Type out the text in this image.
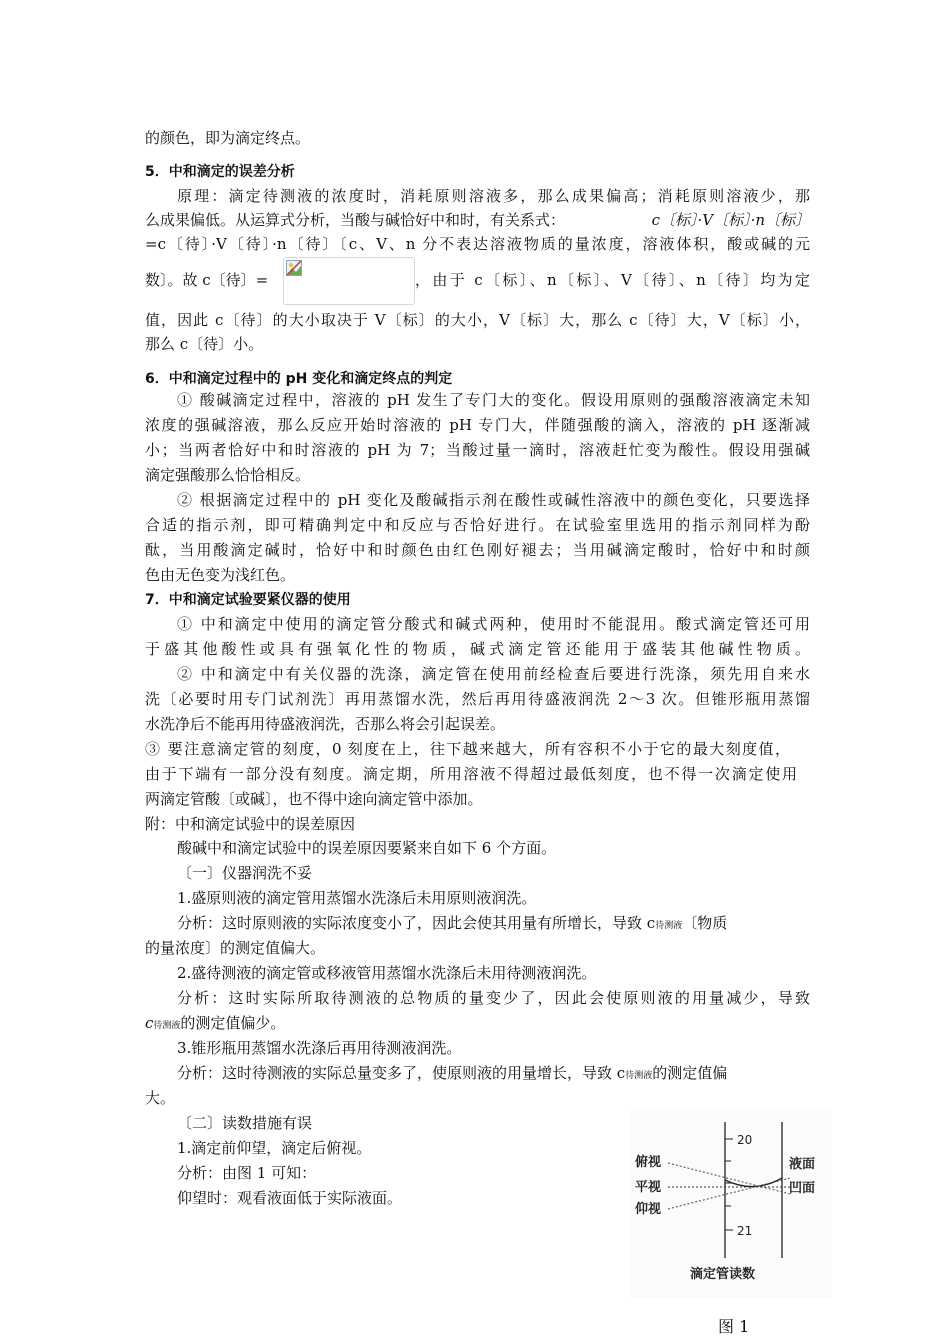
的颜色，即为滴定终点。
5．中和滴定的误差分析
原理：滴定待测液的浓度时，消耗原则溶液多，那么成果偏高；消耗原则溶液少，那
么成果偏低。从运算式分析，当酸与碱恰好中和时，有关系式：	c〔标〕·V〔标〕·n〔标〕
=c〔待〕·V〔待〕·n〔待〕〔c、V、n 分不表达溶液物质的量浓度，溶液体积，酸或碱的元
数〕。故 c〔待〕=	，由于 c〔标〕、n〔标〕、V〔待〕、n〔待〕均为定
值，因此 c〔待〕的大小取决于 V〔标〕的大小，V〔标〕大，那么 c〔待〕大，V〔标〕小，
那么 c〔待〕小。
6．中和滴定过程中的 pH 变化和滴定终点的判定
① 酸碱滴定过程中，溶液的 pH 发生了专门大的变化。假设用原则的强酸溶液滴定未知
浓度的强碱溶液，那么反应开始时溶液的 pH 专门大，伴随强酸的滴入，溶液的 pH 逐渐减
小；当两者恰好中和时溶液的 pH 为 7；当酸过量一滴时，溶液赶忙变为酸性。假设用强碱
滴定强酸那么恰恰相反。
② 根据滴定过程中的 pH 变化及酸碱指示剂在酸性或碱性溶液中的颜色变化，只要选择
合适的指示剂，即可精确判定中和反应与否恰好进行。在试验室里选用的指示剂同样为酚
酞，当用酸滴定碱时，恰好中和时颜色由红色刚好褪去；当用碱滴定酸时，恰好中和时颜
色由无色变为浅红色。
7．中和滴定试验要紧仪器的使用
① 中和滴定中使用的滴定管分酸式和碱式两种，使用时不能混用。酸式滴定管还可用
于盛其他酸性或具有强氧化性的物质，碱式滴定管还能用于盛装其他碱性物质。
② 中和滴定中有关仪器的洗涤，滴定管在使用前经检查后要进行洗涤，须先用自来水
洗〔必要时用专门试剂洗〕再用蒸馏水洗，然后再用待盛液润洗 2～3 次。但锥形瓶用蒸馏
水洗净后不能再用待盛液润洗，否那么将会引起误差。
③ 要注意滴定管的刻度，0 刻度在上，往下越来越大，所有容积不小于它的最大刻度值，
由于下端有一部分没有刻度。滴定期，所用溶液不得超过最低刻度，也不得一次滴定使用
两滴定管酸〔或碱〕，也不得中途向滴定管中添加。
附：中和滴定试验中的误差原因
酸碱中和滴定试验中的误差原因要紧来自如下 6 个方面。
〔一〕仪器润洗不妥
1.盛原则液的滴定管用蒸馏水洗涤后未用原则液润洗。
分析：这时原则液的实际浓度变小了，因此会使其用量有所增长，导致 c待测液〔物质
的量浓度〕的测定值偏大。
2.盛待测液的滴定管或移液管用蒸馏水洗涤后未用待测液润洗。
分析：这时实际所取待测液的总物质的量变少了，因此会使原则液的用量减少，导致
c待测液的测定值偏少。
3.锥形瓶用蒸馏水洗涤后再用待测液润洗。
分析：这时待测液的实际总量变多了，使原则液的用量增长，导致 c待测液的测定值偏
大。
〔二〕读数措施有误
1.滴定前仰望，滴定后俯视。
分析：由图 1 可知：
仰望时：观看液面低于实际液面。
20
21
俯视
平视
仰视
液面
凹面
滴定管读数
图 1
